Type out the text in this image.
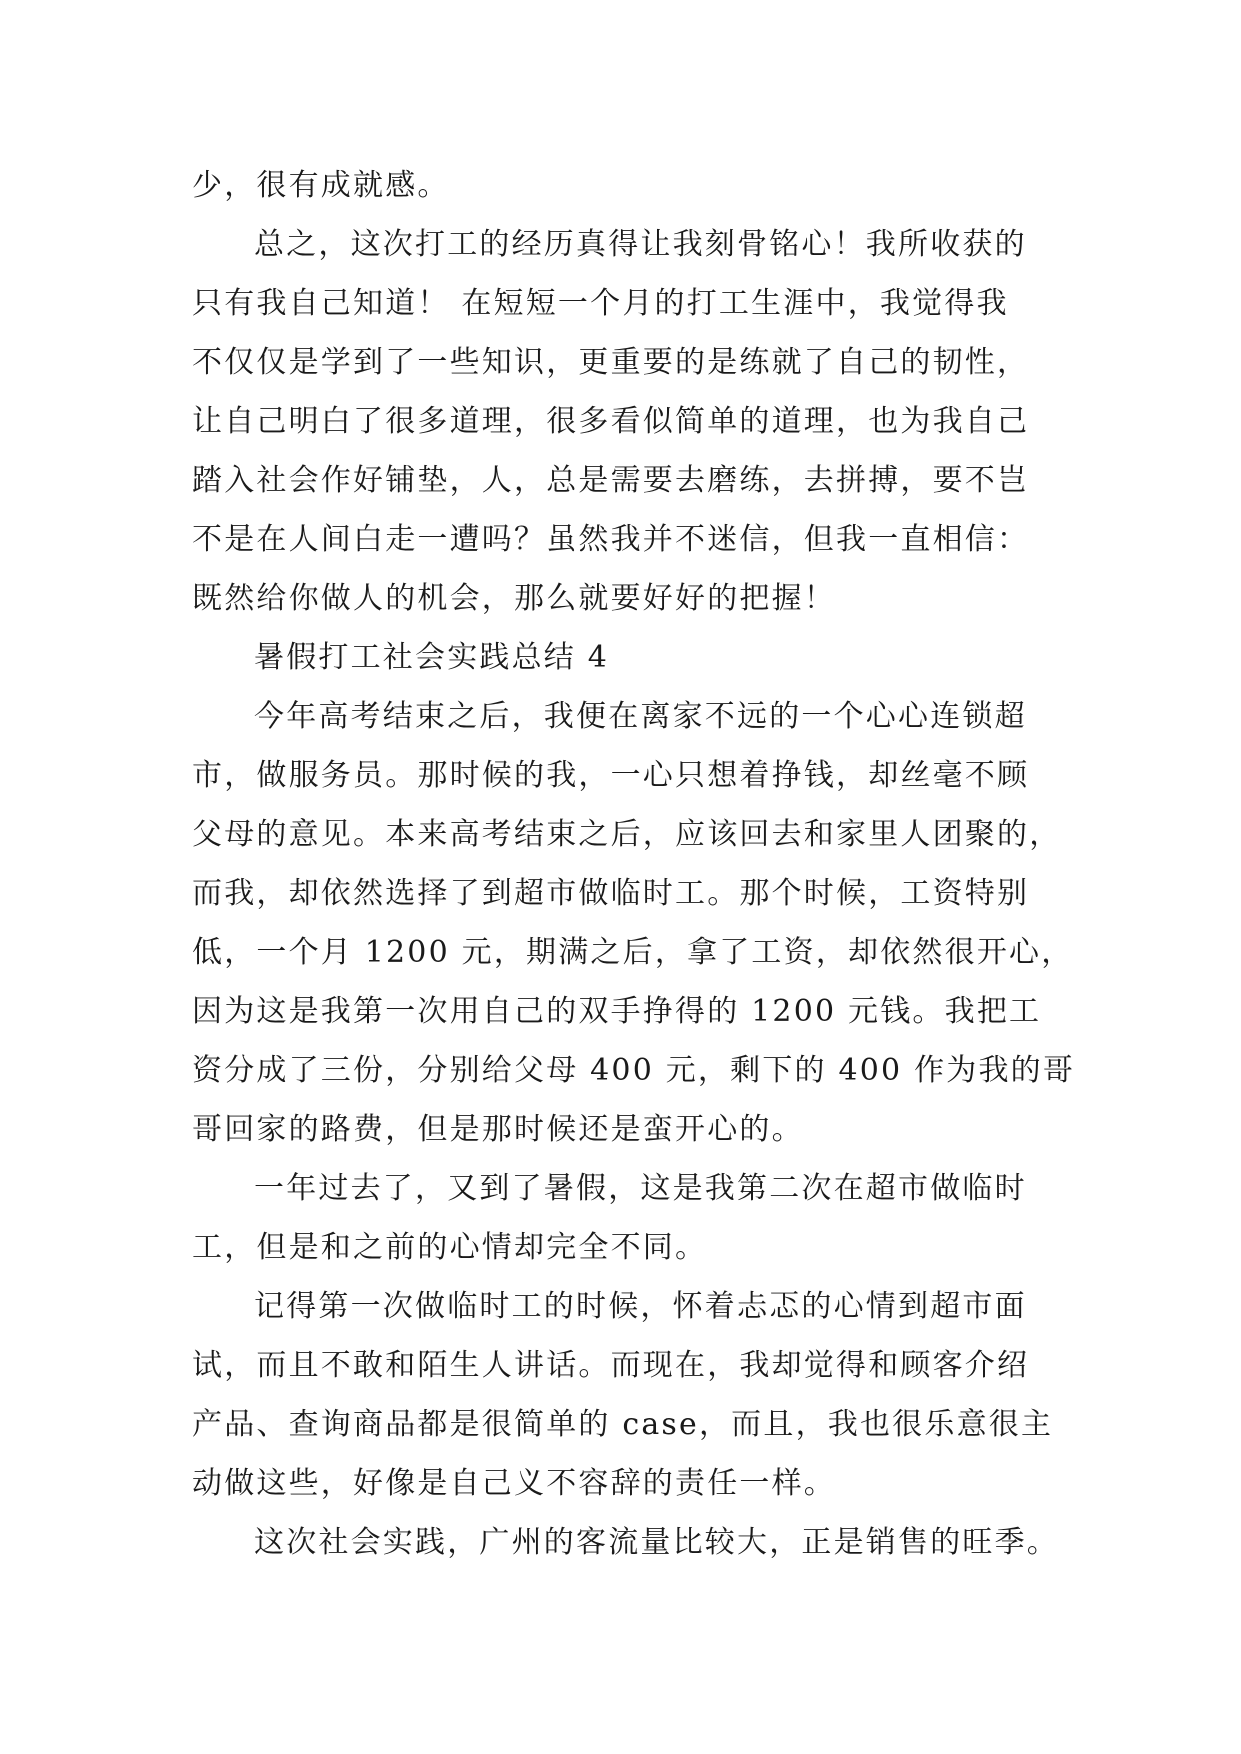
少，很有成就感。
总之，这次打工的经历真得让我刻骨铭心！我所收获的
只有我自己知道！ 在短短一个月的打工生涯中，我觉得我
不仅仅是学到了一些知识，更重要的是练就了自己的韧性，
让自己明白了很多道理，很多看似简单的道理，也为我自己
踏入社会作好铺垫，人，总是需要去磨练，去拼搏，要不岂
不是在人间白走一遭吗？虽然我并不迷信，但我一直相信：
既然给你做人的机会，那么就要好好的把握！
暑假打工社会实践总结 4
今年高考结束之后，我便在离家不远的一个心心连锁超
市，做服务员。那时候的我，一心只想着挣钱，却丝毫不顾
父母的意见。本来高考结束之后，应该回去和家里人团聚的，
而我，却依然选择了到超市做临时工。那个时候，工资特别
低，一个月 1200 元，期满之后，拿了工资，却依然很开心，
因为这是我第一次用自己的双手挣得的 1200 元钱。我把工
资分成了三份，分别给父母 400 元，剩下的 400 作为我的哥
哥回家的路费，但是那时候还是蛮开心的。
一年过去了，又到了暑假，这是我第二次在超市做临时
工，但是和之前的心情却完全不同。
记得第一次做临时工的时候，怀着忐忑的心情到超市面
试，而且不敢和陌生人讲话。而现在，我却觉得和顾客介绍
产品、查询商品都是很简单的 case，而且，我也很乐意很主
动做这些，好像是自己义不容辞的责任一样。
这次社会实践，广州的客流量比较大，正是销售的旺季。
